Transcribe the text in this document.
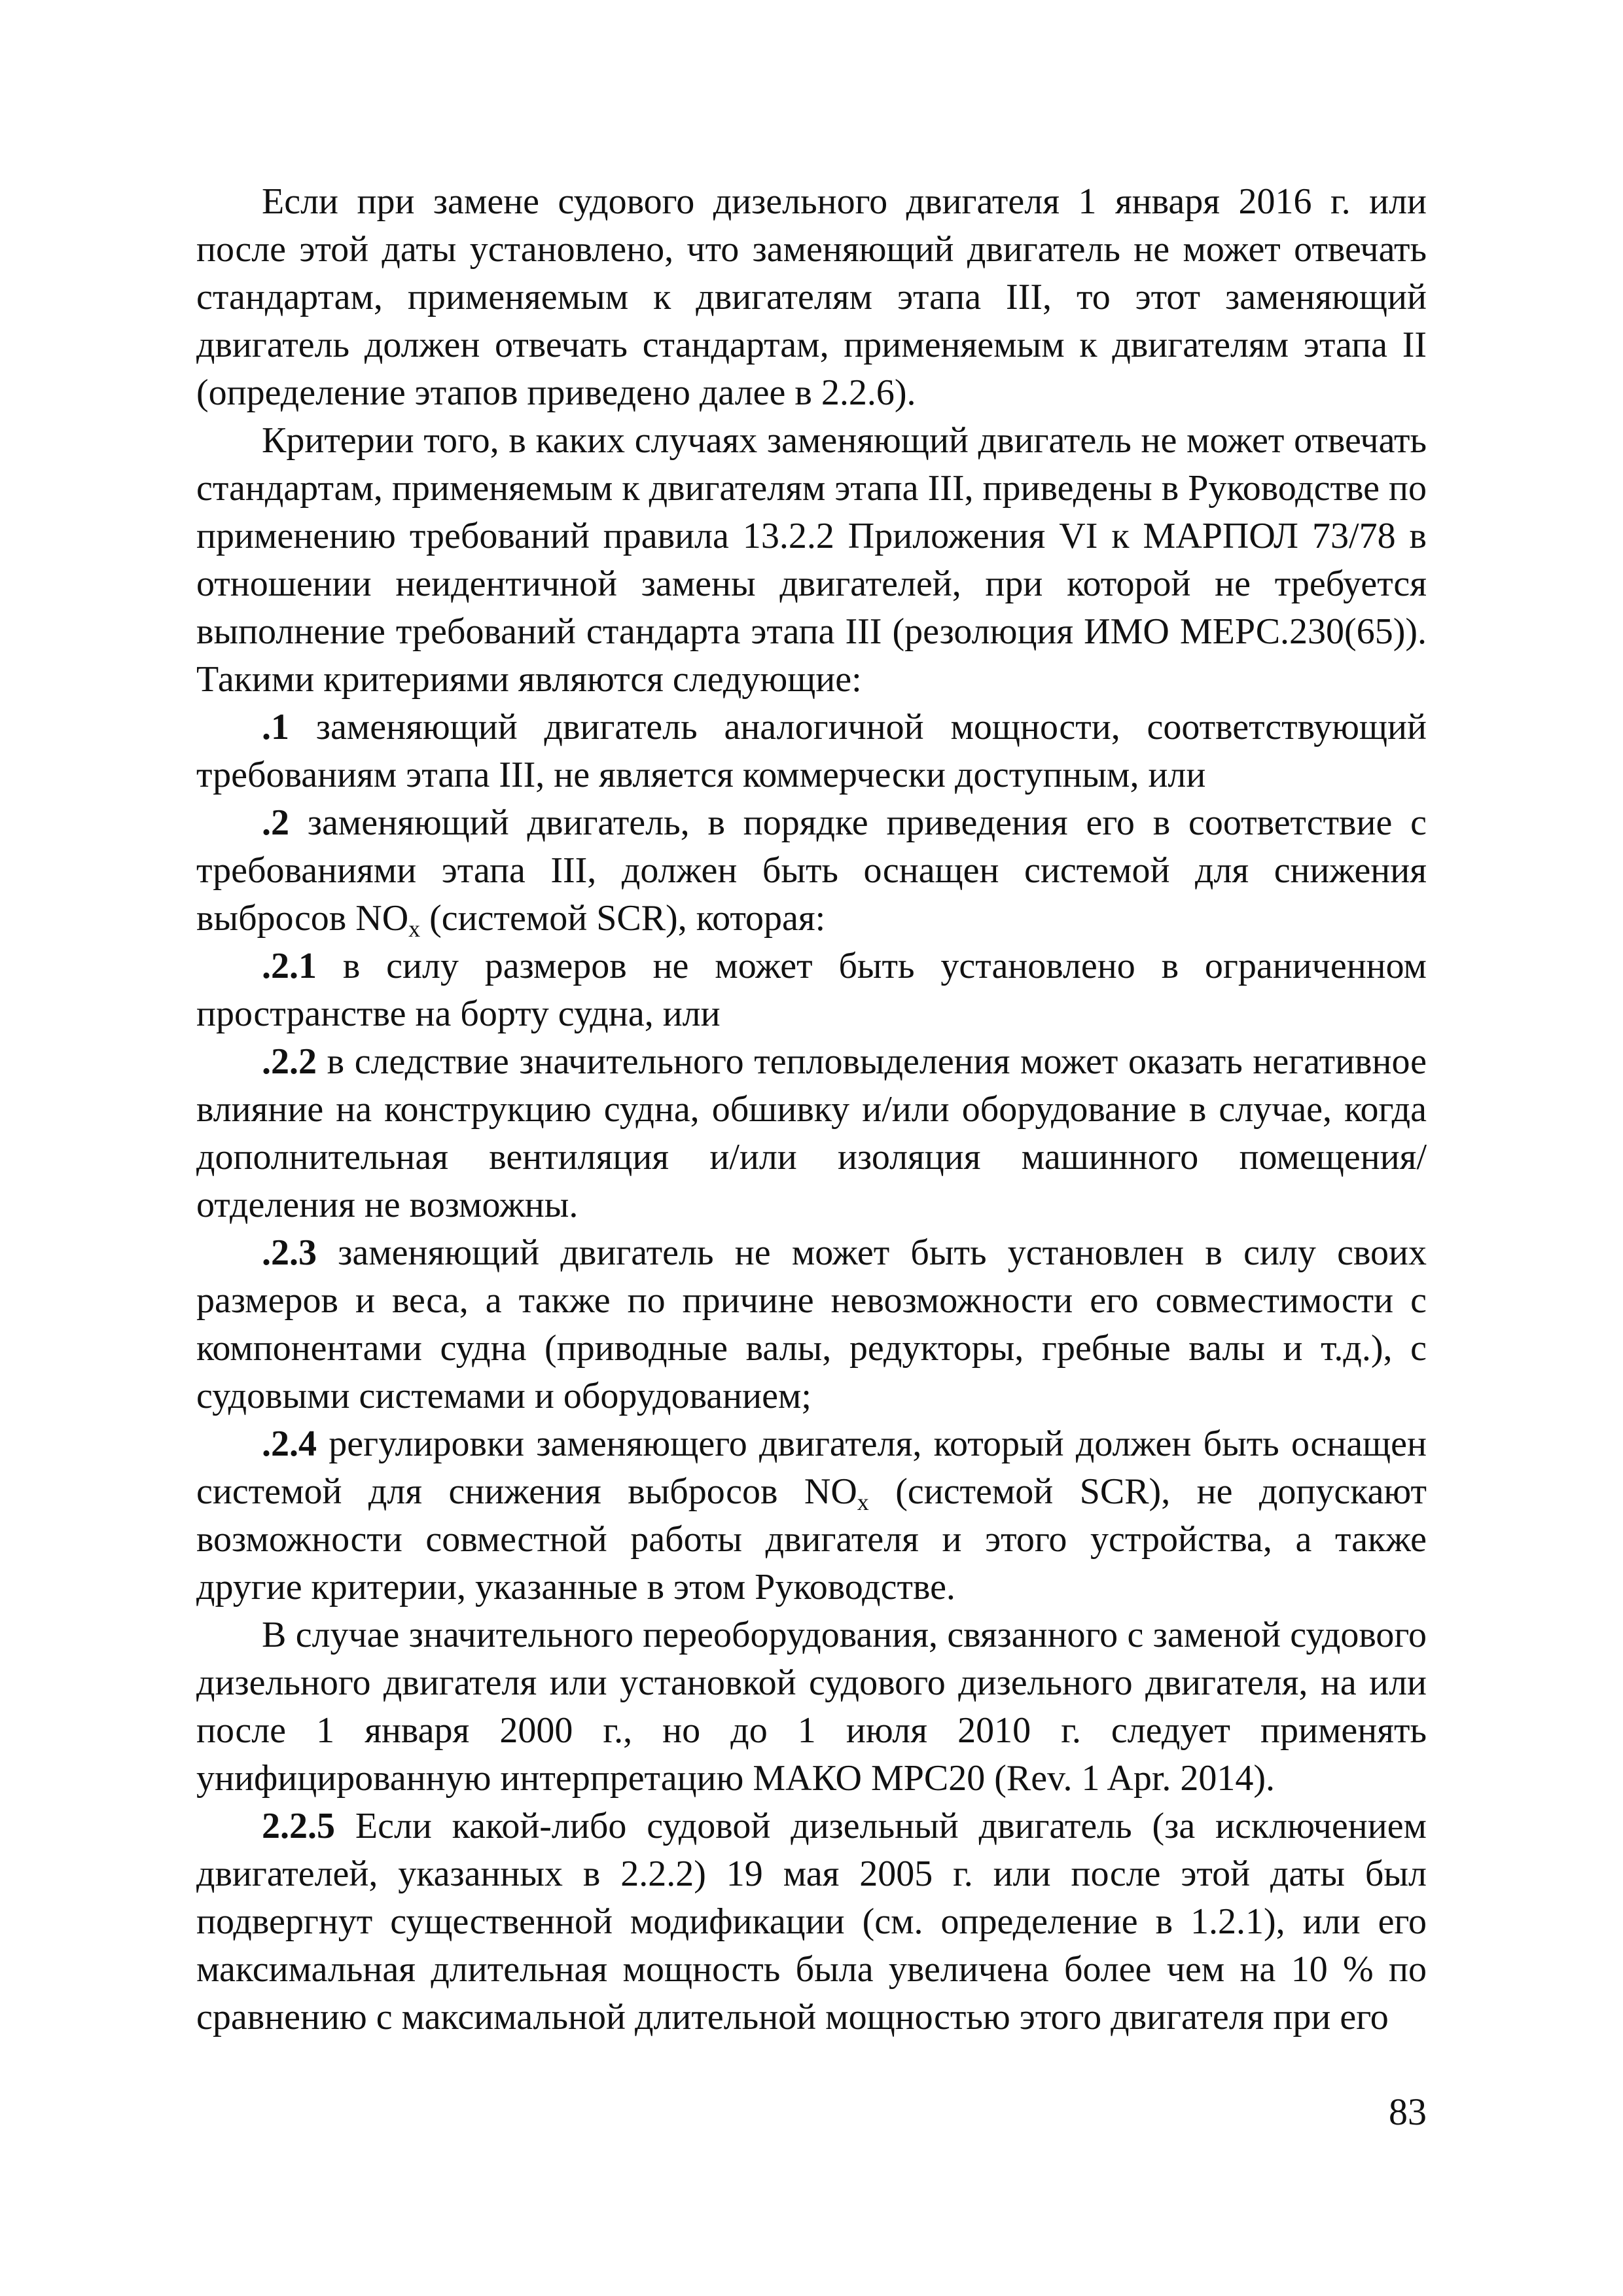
Если при замене судового дизельного двигателя 1 января 2016 г. или после этой даты установлено, что заменяющий двигатель не может отвечать стандартам, применяемым к двигателям этапа III, то этот заменяющий двигатель должен отвечать стандартам, применяемым к двигателям этапа II (определение этапов приведено далее в 2.2.6).

Критерии того, в каких случаях заменяющий двигатель не может отвечать стандартам, применяемым к двигателям этапа III, приведены в Руководстве по применению требований правила 13.2.2 Приложения VI к МАРПОЛ 73/78 в отношении неидентичной замены двигателей, при которой не требуется выполнение требований стандарта этапа III (резолюция ИМО МЕРС.230(65)). Такими критериями являются следующие:

.1 заменяющий двигатель аналогичной мощности, соответствующий требованиям этапа III, не является коммерчески доступным, или

.2 заменяющий двигатель, в порядке приведения его в соответствие с требованиями этапа III, должен быть оснащен системой для снижения выбросов $NO_x$ (системой SCR), которая:

.2.1 в силу размеров не может быть установлено в ограниченном пространстве на борту судна, или

.2.2 в следствие значительного тепловыделения может оказать негативное влияние на конструкцию судна, обшивку и/или оборудование в случае, когда дополнительная вентиляция и/или изоляция машинного помещения/отделения не возможны.

.2.3 заменяющий двигатель не может быть установлен в силу своих размеров и веса, а также по причине невозможности его совместимости с компонентами судна (приводные валы, редукторы, гребные валы и т.д.), с судовыми системами и оборудованием;

.2.4 регулировки заменяющего двигателя, который должен быть оснащен системой для снижения выбросов $NO_x$ (системой SCR), не допускают возможности совместной работы двигателя и этого устройства, а также другие критерии, указанные в этом Руководстве.

В случае значительного переоборудования, связанного с заменой судового дизельного двигателя или установкой судового дизельного двигателя, на или после 1 января 2000 г., но до 1 июля 2010 г. следует применять унифицированную интерпретацию МАКО MPC20 (Rev. 1 Apr. 2014).

2.2.5 Если какой-либо судовой дизельный двигатель (за исключением двигателей, указанных в 2.2.2) 19 мая 2005 г. или после этой даты был подвергнут существенной модификации (см. определение в 1.2.1), или его максимальная длительная мощность была увеличена более чем на 10 % по сравнению с максимальной длительной мощностью этого двигателя при его

83
